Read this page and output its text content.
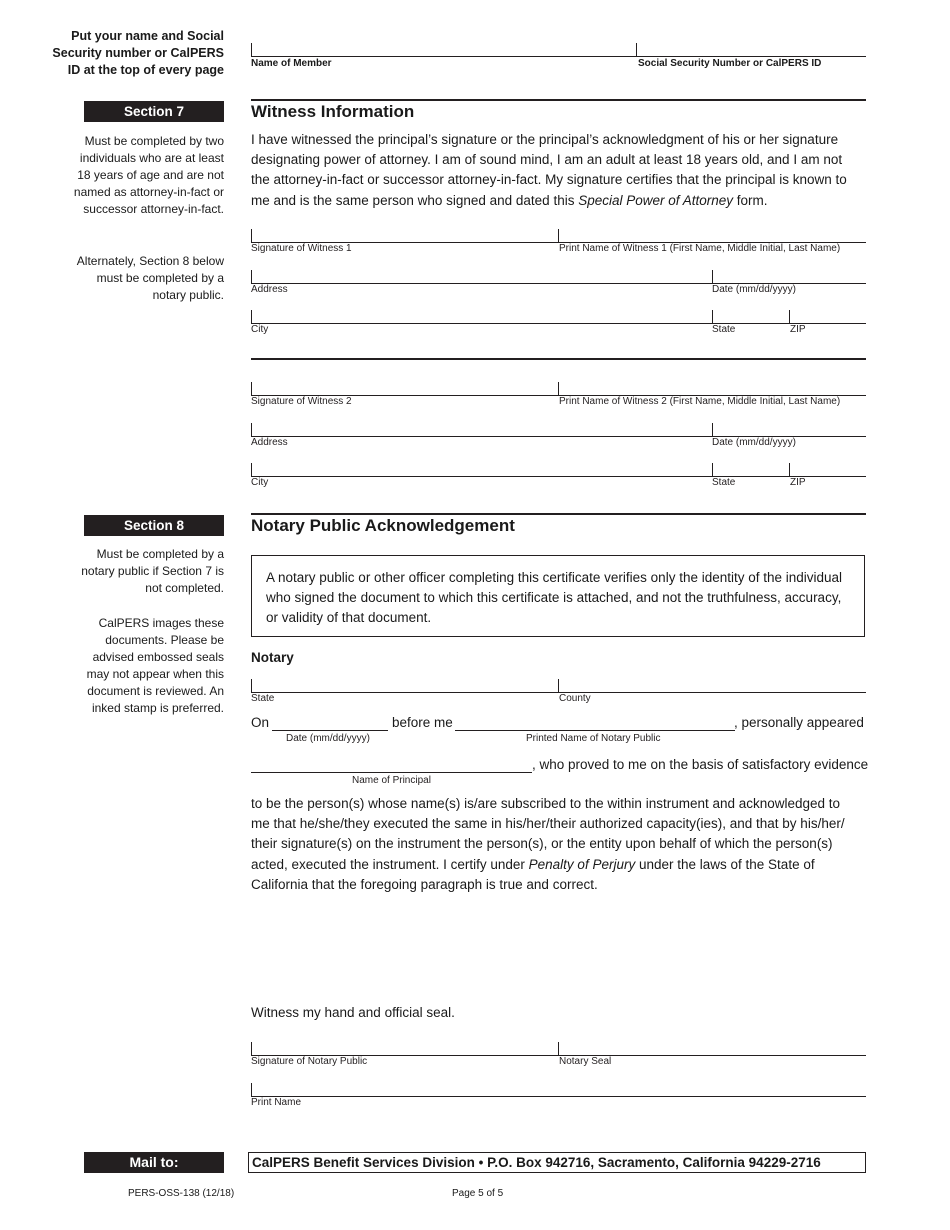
Put your name and Social Security number or CalPERS ID at the top of every page	Name of Member	Social Security Number or CalPERS ID
Section 7	Witness Information
Must be completed by two individuals who are at least 18 years of age and are not named as attorney-in-fact or successor attorney-in-fact.
Alternately, Section 8 below must be completed by a notary public.
I have witnessed the principal’s signature or the principal’s acknowledgment of his or her signature designating power of attorney. I am of sound mind, I am an adult at least 18 years old, and I am not the attorney-in-fact or successor attorney-in-fact. My signature certifies that the principal is known to me and is the same person who signed and dated this Special Power of Attorney form.
Signature of Witness 1	Print Name of Witness 1 (First Name, Middle Initial, Last Name)
Address	Date (mm/dd/yyyy)
City	State	ZIP
Signature of Witness 2	Print Name of Witness 2 (First Name, Middle Initial, Last Name)
Address	Date (mm/dd/yyyy)
City	State	ZIP
Section 8	Notary Public Acknowledgement
Must be completed by a notary public if Section 7 is not completed.
CalPERS images these documents. Please be advised embossed seals may not appear when this document is reviewed. An inked stamp is preferred.
A notary public or other officer completing this certificate verifies only the identity of the individual who signed the document to which this certificate is attached, and not the truthfulness, accuracy, or validity of that document.
Notary
State	County
On	before me	, personally appeared
Date (mm/dd/yyyy)	Printed Name of Notary Public
, who proved to me on the basis of satisfactory evidence
Name of Principal
to be the person(s) whose name(s) is/are subscribed to the within instrument and acknowledged to me that he/she/they executed the same in his/her/their authorized capacity(ies), and that by his/her/ their signature(s) on the instrument the person(s), or the entity upon behalf of which the person(s) acted, executed the instrument. I certify under Penalty of Perjury under the laws of the State of California that the foregoing paragraph is true and correct.
Witness my hand and official seal.
Signature of Notary Public	Notary Seal
Print Name
Mail to:	CalPERS Benefit Services Division • P.O. Box 942716, Sacramento, California 94229-2716
PERS-OSS-138 (12/18)	Page 5 of 5
